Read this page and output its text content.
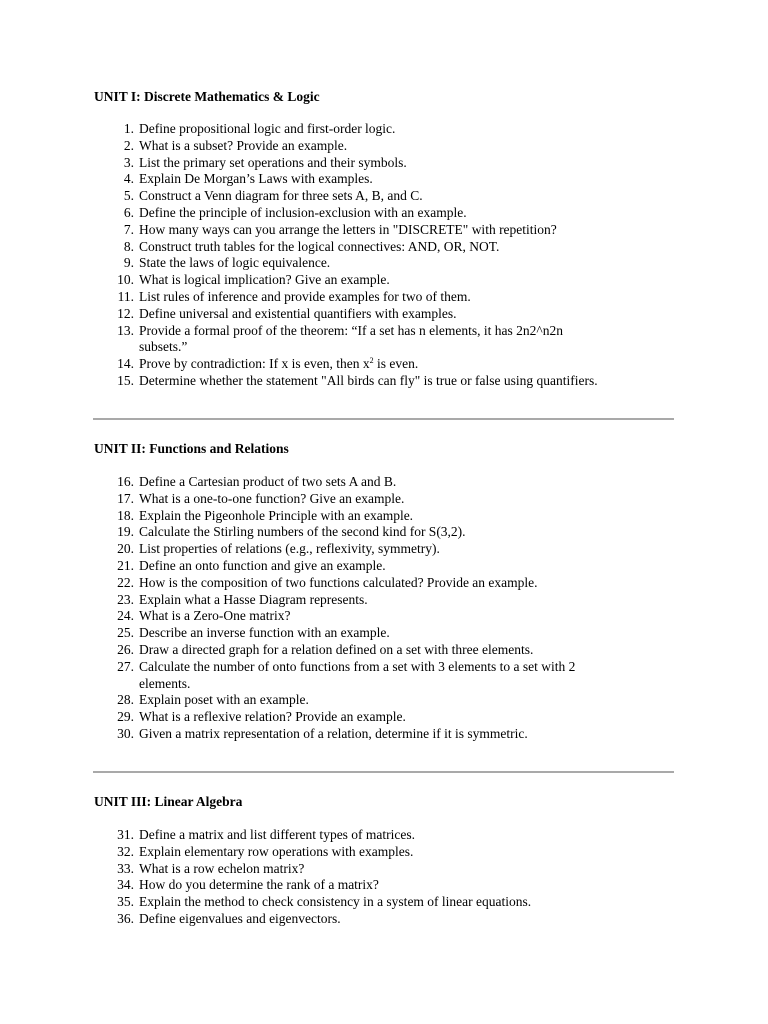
UNIT I: Discrete Mathematics & Logic
1. Define propositional logic and first-order logic.
2. What is a subset? Provide an example.
3. List the primary set operations and their symbols.
4. Explain De Morgan’s Laws with examples.
5. Construct a Venn diagram for three sets A, B, and C.
6. Define the principle of inclusion-exclusion with an example.
7. How many ways can you arrange the letters in "DISCRETE" with repetition?
8. Construct truth tables for the logical connectives: AND, OR, NOT.
9. State the laws of logic equivalence.
10. What is logical implication? Give an example.
11. List rules of inference and provide examples for two of them.
12. Define universal and existential quantifiers with examples.
13. Provide a formal proof of the theorem: “If a set has n elements, it has 2n2^n2n
subsets.”
14. Prove by contradiction: If x is even, then $x^2$ is even.
15. Determine whether the statement "All birds can fly" is true or false using quantifiers.
UNIT II: Functions and Relations
16. Define a Cartesian product of two sets A and B.
17. What is a one-to-one function? Give an example.
18. Explain the Pigeonhole Principle with an example.
19. Calculate the Stirling numbers of the second kind for S(3,2).
20. List properties of relations (e.g., reflexivity, symmetry).
21. Define an onto function and give an example.
22. How is the composition of two functions calculated? Provide an example.
23. Explain what a Hasse Diagram represents.
24. What is a Zero-One matrix?
25. Describe an inverse function with an example.
26. Draw a directed graph for a relation defined on a set with three elements.
27. Calculate the number of onto functions from a set with 3 elements to a set with 2
elements.
28. Explain poset with an example.
29. What is a reflexive relation? Provide an example.
30. Given a matrix representation of a relation, determine if it is symmetric.
UNIT III: Linear Algebra
31. Define a matrix and list different types of matrices.
32. Explain elementary row operations with examples.
33. What is a row echelon matrix?
34. How do you determine the rank of a matrix?
35. Explain the method to check consistency in a system of linear equations.
36. Define eigenvalues and eigenvectors.
